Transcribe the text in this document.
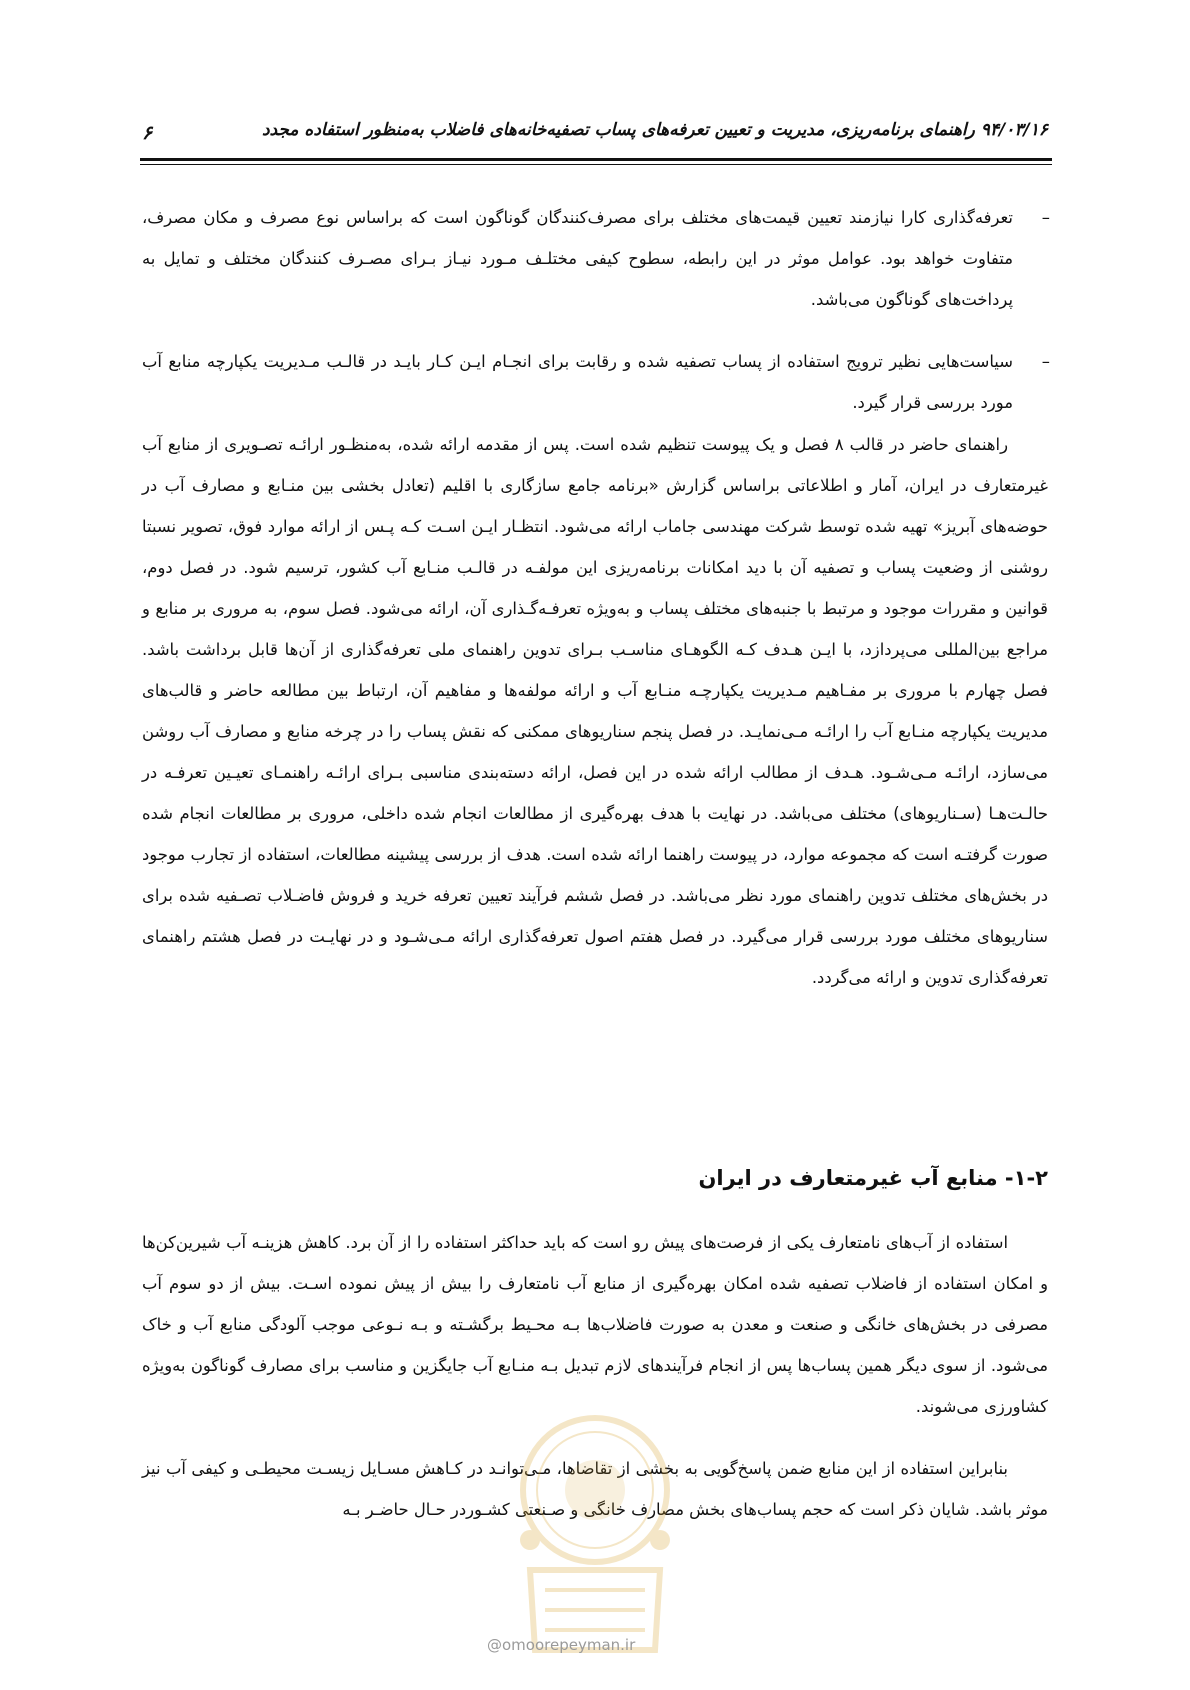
۶	۹۴/۰۳/۱۶ راهنمای برنامه‌ریزی، مدیریت و تعیین تعرفه‌های پساب تصفیه‌خانه‌های فاضلاب به‌منظور استفاده مجدد
–
تعرفه‌گذاری کارا نیازمند تعیین قیمت‌های مختلف برای مصرف‌کنندگان گوناگون است که براساس نوع مصرف و مکان مصرف، متفاوت خواهد بود. عوامل موثر در این رابطه، سطوح کیفی مختلـف مـورد نیـاز بـرای مصـرف کنندگان مختلف و تمایل به پرداخت‌های گوناگون می‌باشد.
–
سیاست‌هایی نظیر ترویج استفاده از پساب تصفیه شده و رقابت برای انجـام ایـن کـار بایـد در قالـب مـدیریت یکپارچه منابع آب مورد بررسی قرار گیرد.
راهنمای حاضر در قالب ۸ فصل و یک پیوست تنظیم شده است. پس از مقدمه ارائه شده، به‌منظـور ارائـه تصـویری از منابع آب غیرمتعارف در ایران، آمار و اطلاعاتی براساس گزارش «برنامه جامع سازگاری با اقلیم (تعادل بخشی بین منـابع و مصارف آب در حوضه‌های آبریز» تهیه شده توسط شرکت مهندسی جاماب ارائه می‌شود. انتظـار ایـن اسـت کـه پـس از ارائه موارد فوق، تصویر نسبتا روشنی از وضعیت پساب و تصفیه آن با دید امکانات برنامه‌ریزی این مولفـه در قالـب منـابع آب کشور، ترسیم شود. در فصل دوم، قوانین و مقررات موجود و مرتبط با جنبه‌های مختلف پساب و به‌ویژه تعرفـه‌گـذاری آن، ارائه می‌شود. فصل سوم، به مروری بر منابع و مراجع بین‌المللی می‌پردازد، با ایـن هـدف کـه الگوهـای مناسـب بـرای تدوین راهنمای ملی تعرفه‌گذاری از آن‌ها قابل برداشت باشد. فصل چهارم با مروری بر مفـاهیم مـدیریت یکپارچـه منـابع آب و ارائه مولفه‌ها و مفاهیم آن، ارتباط بین مطالعه حاضر و قالب‌های مدیریت یکپارچه منـابع آب را ارائـه مـی‌نمایـد. در فصل پنجم سناریوهای ممکنی که نقش پساب را در چرخه منابع و مصارف آب روشن می‌سازد، ارائـه مـی‌شـود. هـدف از مطالب ارائه شده در این فصل، ارائه دسته‌بندی مناسبی بـرای ارائـه راهنمـای تعیـین تعرفـه در حالـت‌هـا (سـناریوهای) مختلف می‌باشد. در نهایت با هدف بهره‌گیری از مطالعات انجام شده داخلی، مروری بر مطالعات انجام شده صورت گرفتـه است که مجموعه موارد، در پیوست راهنما ارائه شده است. هدف از بررسی پیشینه مطالعات، استفاده از تجارب موجود در بخش‌های مختلف تدوین راهنمای مورد نظر می‌باشد. در فصل ششم فرآیند تعیین تعرفه خرید و فروش فاضـلاب تصـفیه شده برای سناریوهای مختلف مورد بررسی قرار می‌گیرد. در فصل هفتم اصول تعرفه‌گذاری ارائه مـی‌شـود و در نهایـت در فصل هشتم راهنمای تعرفه‌گذاری تدوین و ارائه می‌گردد.
۱-۲- منابع آب غیرمتعارف در ایران
استفاده از آب‌های نامتعارف یکی از فرصت‌های پیش رو است که باید حداکثر استفاده را از آن برد. کاهش هزینـه آب شیرین‌کن‌ها و امکان استفاده از فاضلاب تصفیه شده امکان بهره‌گیری از منابع آب نامتعارف را بیش از پیش نموده اسـت. بیش از دو سوم آب مصرفی در بخش‌های خانگی و صنعت و معدن به صورت فاضلاب‌ها بـه محـیط برگشـته و بـه نـوعی موجب آلودگی منابع آب و خاک می‌شود. از سوی دیگر همین پساب‌ها پس از انجام فرآیندهای لازم تبدیل بـه منـابع آب جایگزین و مناسب برای مصارف گوناگون به‌ویژه کشاورزی می‌شوند.
بنابراین استفاده از این منابع ضمن پاسخ‌گویی به بخشی از تقاضاها، مـی‌توانـد در کـاهش مسـایل زیسـت محیطـی و کیفی آب نیز موثر باشد. شایان ذکر است که حجم پساب‌های بخش مصارف خانگی و صـنعتی کشـوردر حـال حاضـر بـه
@omoorepeyman.ir
